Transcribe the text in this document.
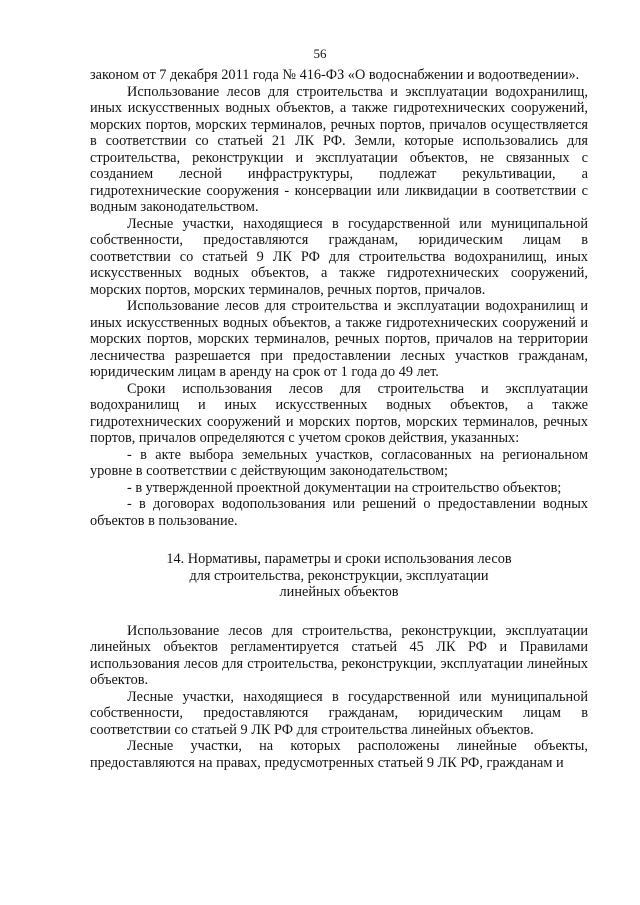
56

законом от 7 декабря 2011 года № 416-ФЗ «О водоснабжении и водоотведении».

Использование лесов для строительства и эксплуатации водохранилищ, иных искусственных водных объектов, а также гидротехнических сооружений, морских портов, морских терминалов, речных портов, причалов осуществляется в соответствии со статьей 21 ЛК РФ. Земли, которые использовались для строительства, реконструкции и эксплуатации объектов, не связанных с созданием лесной инфраструктуры, подлежат рекультивации, а гидротехнические сооружения - консервации или ликвидации в соответствии с водным законодательством.

Лесные участки, находящиеся в государственной или муниципальной собственности, предоставляются гражданам, юридическим лицам в соответствии со статьей 9 ЛК РФ для строительства водохранилищ, иных искусственных водных объектов, а также гидротехнических сооружений, морских портов, морских терминалов, речных портов, причалов.

Использование лесов для строительства и эксплуатации водохранилищ и иных искусственных водных объектов, а также гидротехнических сооружений и морских портов, морских терминалов, речных портов, причалов на территории лесничества разрешается при предоставлении лесных участков гражданам, юридическим лицам в аренду на срок от 1 года до 49 лет.

Сроки использования лесов для строительства и эксплуатации водохранилищ и иных искусственных водных объектов, а также гидротехнических сооружений и морских портов, морских терминалов, речных портов, причалов определяются с учетом сроков действия, указанных:

- в акте выбора земельных участков, согласованных на региональном уровне в соответствии с действующим законодательством;

- в утвержденной проектной документации на строительство объектов;

- в договорах водопользования или решений о предоставлении водных объектов в пользование.

14. Нормативы, параметры и сроки использования лесов
для строительства, реконструкции, эксплуатации
линейных объектов

Использование лесов для строительства, реконструкции, эксплуатации линейных объектов регламентируется статьей 45 ЛК РФ и Правилами использования лесов для строительства, реконструкции, эксплуатации линейных объектов.

Лесные участки, находящиеся в государственной или муниципальной собственности, предоставляются гражданам, юридическим лицам в соответствии со статьей 9 ЛК РФ для строительства линейных объектов.

Лесные участки, на которых расположены линейные объекты, предоставляются на правах, предусмотренных статьей 9 ЛК РФ, гражданам и
